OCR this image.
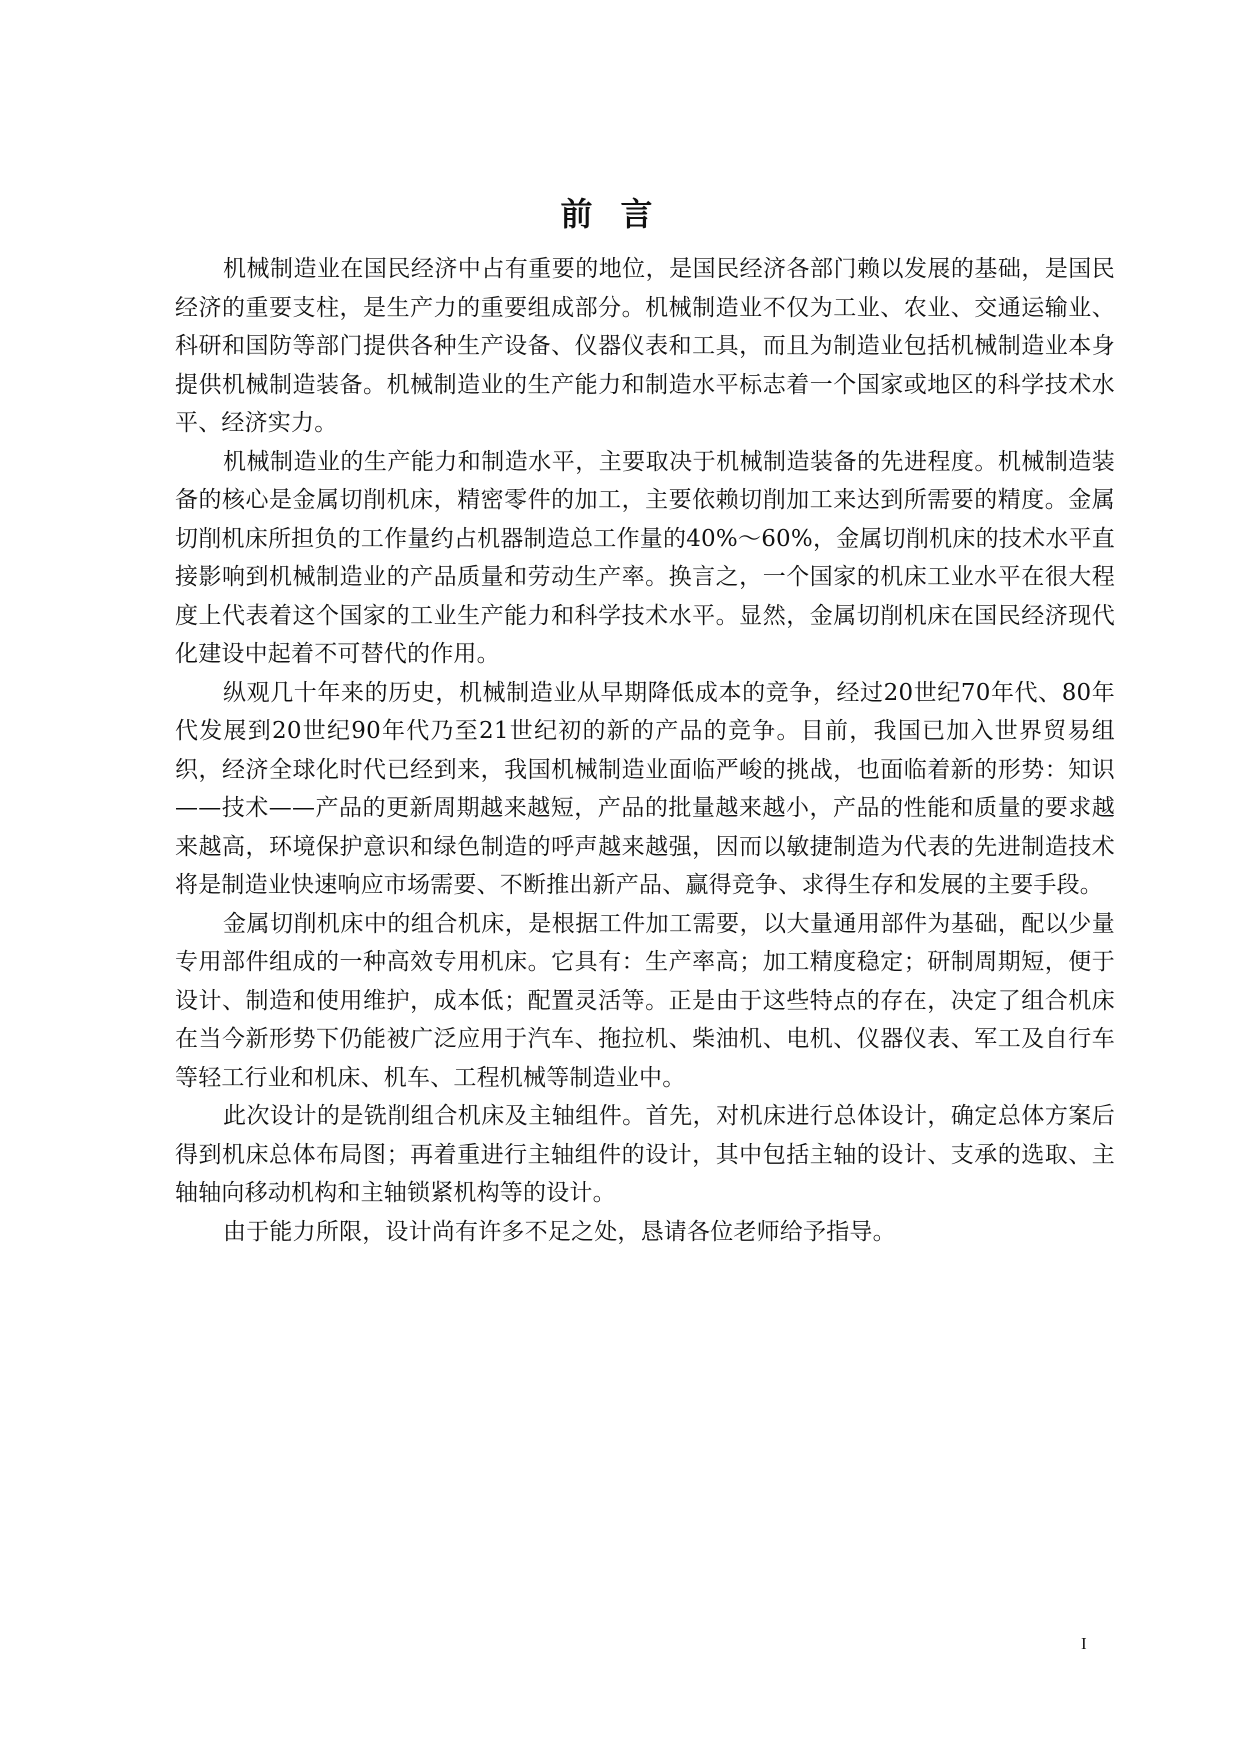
前言

机械制造业在国民经济中占有重要的地位，是国民经济各部门赖以发展的基础，是国民经济的重要支柱，是生产力的重要组成部分。机械制造业不仅为工业、农业、交通运输业、科研和国防等部门提供各种生产设备、仪器仪表和工具，而且为制造业包括机械制造业本身提供机械制造装备。机械制造业的生产能力和制造水平标志着一个国家或地区的科学技术水平、经济实力。

机械制造业的生产能力和制造水平，主要取决于机械制造装备的先进程度。机械制造装备的核心是金属切削机床，精密零件的加工，主要依赖切削加工来达到所需要的精度。金属切削机床所担负的工作量约占机器制造总工作量的40%～60%，金属切削机床的技术水平直接影响到机械制造业的产品质量和劳动生产率。换言之，一个国家的机床工业水平在很大程度上代表着这个国家的工业生产能力和科学技术水平。显然，金属切削机床在国民经济现代化建设中起着不可替代的作用。

纵观几十年来的历史，机械制造业从早期降低成本的竞争，经过20世纪70年代、80年代发展到20世纪90年代乃至21世纪初的新的产品的竞争。目前，我国已加入世界贸易组织，经济全球化时代已经到来，我国机械制造业面临严峻的挑战，也面临着新的形势：知识——技术——产品的更新周期越来越短，产品的批量越来越小，产品的性能和质量的要求越来越高，环境保护意识和绿色制造的呼声越来越强，因而以敏捷制造为代表的先进制造技术将是制造业快速响应市场需要、不断推出新产品、赢得竞争、求得生存和发展的主要手段。

金属切削机床中的组合机床，是根据工件加工需要，以大量通用部件为基础，配以少量专用部件组成的一种高效专用机床。它具有：生产率高；加工精度稳定；研制周期短，便于设计、制造和使用维护，成本低；配置灵活等。正是由于这些特点的存在，决定了组合机床在当今新形势下仍能被广泛应用于汽车、拖拉机、柴油机、电机、仪器仪表、军工及自行车等轻工行业和机床、机车、工程机械等制造业中。

此次设计的是铣削组合机床及主轴组件。首先，对机床进行总体设计，确定总体方案后得到机床总体布局图；再着重进行主轴组件的设计，其中包括主轴的设计、支承的选取、主轴轴向移动机构和主轴锁紧机构等的设计。

由于能力所限，设计尚有许多不足之处，恳请各位老师给予指导。

I
